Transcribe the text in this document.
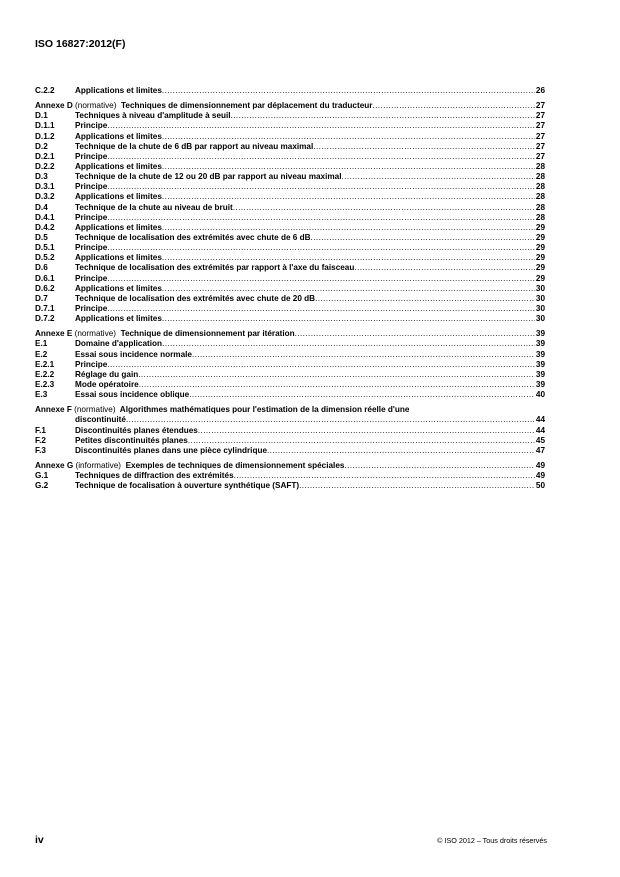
ISO 16827:2012(F)
C.2.2	Applications et limites .....	26
Annexe D (normative) Techniques de dimensionnement par déplacement du traducteur .....	27
D.1	Techniques à niveau d'amplitude à seuil .....	27
D.1.1	Principe .....	27
D.1.2	Applications et limites .....	27
D.2	Technique de la chute de 6 dB par rapport au niveau maximal .....	27
D.2.1	Principe .....	27
D.2.2	Applications et limites .....	28
D.3	Technique de la chute de 12 ou 20 dB par rapport au niveau maximal .....	28
D.3.1	Principe .....	28
D.3.2	Applications et limites .....	28
D.4	Technique de la chute au niveau de bruit .....	28
D.4.1	Principe .....	28
D.4.2	Applications et limites .....	29
D.5	Technique de localisation des extrémités avec chute de 6 dB .....	29
D.5.1	Principe .....	29
D.5.2	Applications et limites .....	29
D.6	Technique de localisation des extrémités par rapport à l'axe du faisceau .....	29
D.6.1	Principe .....	29
D.6.2	Applications et limites .....	30
D.7	Technique de localisation des extrémités avec chute de 20 dB .....	30
D.7.1	Principe .....	30
D.7.2	Applications et limites .....	30
Annexe E (normative) Technique de dimensionnement par itération .....	39
E.1	Domaine d'application .....	39
E.2	Essai sous incidence normale .....	39
E.2.1	Principe .....	39
E.2.2	Réglage du gain .....	39
E.2.3	Mode opératoire .....	39
E.3	Essai sous incidence oblique .....	40
Annexe F (normative) Algorithmes mathématiques pour l'estimation de la dimension réelle d'une
discontinuité .....	44
F.1	Discontinuités planes étendues .....	44
F.2	Petites discontinuités planes .....	45
F.3	Discontinuités planes dans une pièce cylindrique .....	47
Annexe G (informative) Exemples de techniques de dimensionnement spéciales .....	49
G.1	Techniques de diffraction des extrémités .....	49
G.2	Technique de focalisation à ouverture synthétique (SAFT) .....	50
iv	© ISO 2012 – Tous droits réservés
